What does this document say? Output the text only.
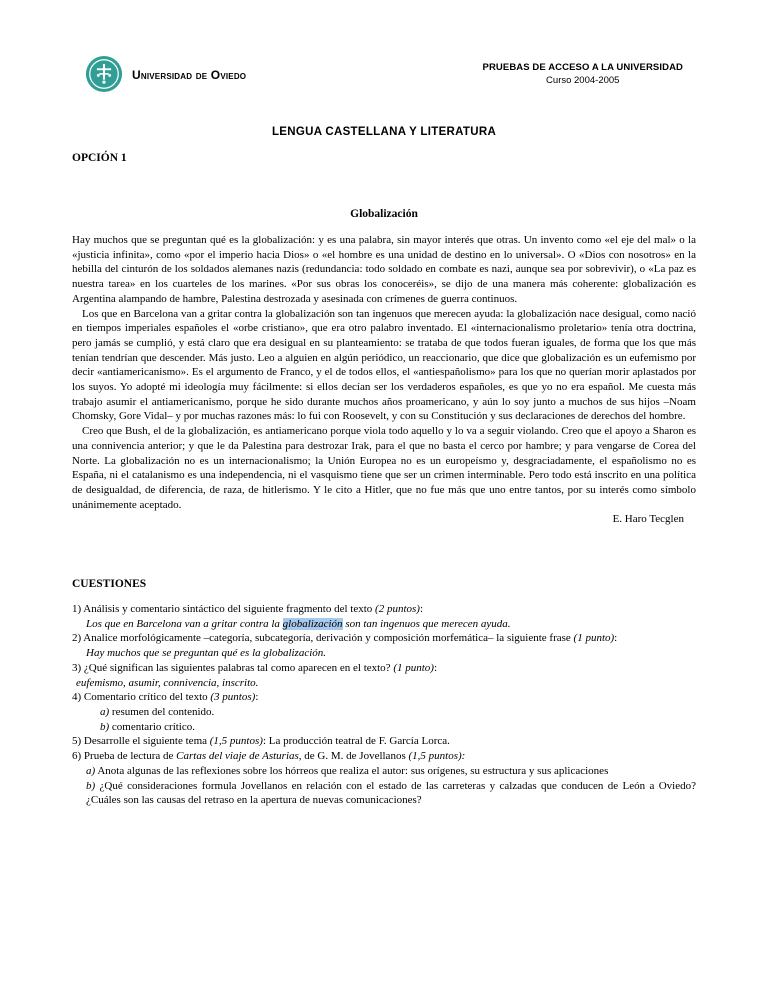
Universidad de Oviedo
PRUEBAS DE ACCESO A LA UNIVERSIDAD
Curso 2004-2005
LENGUA CASTELLANA Y LITERATURA
OPCIÓN 1
Globalización

Hay muchos que se preguntan qué es la globalización: y es una palabra, sin mayor interés que otras. Un invento como «el eje del mal» o la «justicia infinita», como «por el imperio hacia Dios» o «el hombre es una unidad de destino en lo universal». O «Dios con nosotros» en la hebilla del cinturón de los soldados alemanes nazis (redundancia: todo soldado en combate es nazi, aunque sea por sobrevivir), o «La paz es nuestra tarea» en los cuarteles de los marines. «Por sus obras los conoceréis», se dijo de una manera más coherente: globalización es Argentina alampando de hambre, Palestina destrozada y asesinada con crímenes de guerra continuos.

Los que en Barcelona van a gritar contra la globalización son tan ingenuos que merecen ayuda: la globalización nace desigual, como nació en tiempos imperiales españoles el «orbe cristiano», que era otro palabro inventado. El «internacionalismo proletario» tenía otra doctrina, pero jamás se cumplió, y está claro que era desigual en su planteamiento: se trataba de que todos fueran iguales, de forma que los que más tenían tendrían que descender. Más justo. Leo a alguien en algún periódico, un reaccionario, que dice que globalización es un eufemismo por decir «antiamericanismo». Es el argumento de Franco, y el de todos ellos, el «antiespañolismo» para los que no querían morir aplastados por los suyos. Yo adopté mi ideología muy fácilmente: si ellos decían ser los verdaderos españoles, es que yo no era español. Me cuesta más trabajo asumir el antiamericanismo, porque he sido durante muchos años proamericano, y aún lo soy junto a muchos de sus hijos –Noam Chomsky, Gore Vidal– y por muchas razones más: lo fui con Roosevelt, y con su Constitución y sus declaraciones de derechos del hombre.

Creo que Bush, el de la globalización, es antiamericano porque viola todo aquello y lo va a seguir violando. Creo que el apoyo a Sharon es una connivencia anterior; y que le da Palestina para destrozar Irak, para el que no basta el cerco por hambre; y para vengarse de Corea del Norte. La globalización no es un internacionalismo; la Unión Europea no es un europeísmo y, desgraciadamente, el españolismo no es España, ni el catalanismo es una independencia, ni el vasquismo tiene que ser un crimen interminable. Pero todo está inscrito en una política de desigualdad, de diferencia, de raza, de hitlerismo. Y le cito a Hitler, que no fue más que uno entre tantos, por su interés como símbolo unánimemente aceptado.

E. Haro Tecglen
CUESTIONES
1) Análisis y comentario sintáctico del siguiente fragmento del texto (2 puntos):
Los que en Barcelona van a gritar contra la globalización son tan ingenuos que merecen ayuda.
2) Analice morfológicamente –categoría, subcategoría, derivación y composición morfemática– la siguiente frase (1 punto):
Hay muchos que se preguntan qué es la globalización.
3) ¿Qué significan las siguientes palabras tal como aparecen en el texto? (1 punto):
eufemismo, asumir, connivencia, inscrito.
4) Comentario crítico del texto (3 puntos):
a) resumen del contenido.
b) comentario crítico.
5) Desarrolle el siguiente tema (1,5 puntos): La producción teatral de F. García Lorca.
6) Prueba de lectura de Cartas del viaje de Asturias, de G. M. de Jovellanos (1,5 puntos):
a) Anota algunas de las reflexiones sobre los hórreos que realiza el autor: sus orígenes, su estructura y sus aplicaciones
b) ¿Qué consideraciones formula Jovellanos en relación con el estado de las carreteras y calzadas que conducen de León a Oviedo? ¿Cuáles son las causas del retraso en la apertura de nuevas comunicaciones?
